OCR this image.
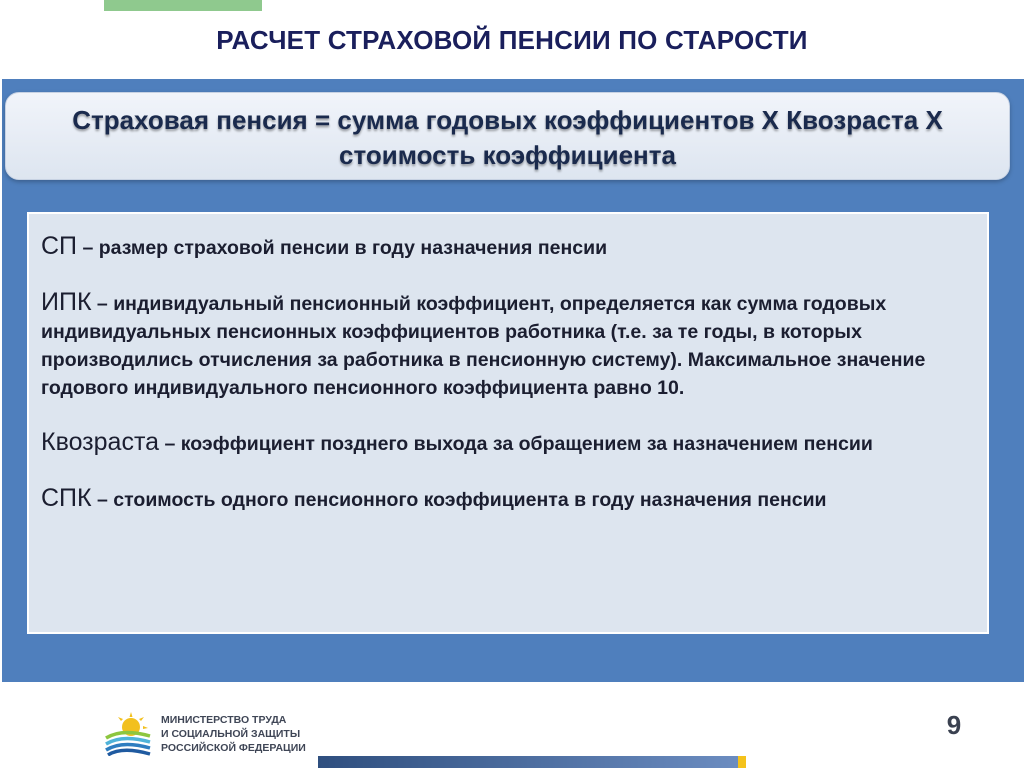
РАСЧЕТ СТРАХОВОЙ ПЕНСИИ ПО СТАРОСТИ
Страховая пенсия = сумма годовых коэффициентов Х Квозраста Х стоимость коэффициента
СП – размер страховой пенсии в году назначения пенсии
ИПК – индивидуальный пенсионный коэффициент, определяется как сумма годовых индивидуальных пенсионных коэффициентов работника (т.е. за те годы, в которых производились отчисления за работника в пенсионную систему). Максимальное значение годового индивидуального пенсионного коэффициента равно 10.
Квозраста – коэффициент позднего выхода за обращением за назначением пенсии
СПК – стоимость одного пенсионного коэффициента в году назначения пенсии
МИНИСТЕРСТВО ТРУДА
И СОЦИАЛЬНОЙ ЗАЩИТЫ
РОССИЙСКОЙ ФЕДЕРАЦИИ
9
